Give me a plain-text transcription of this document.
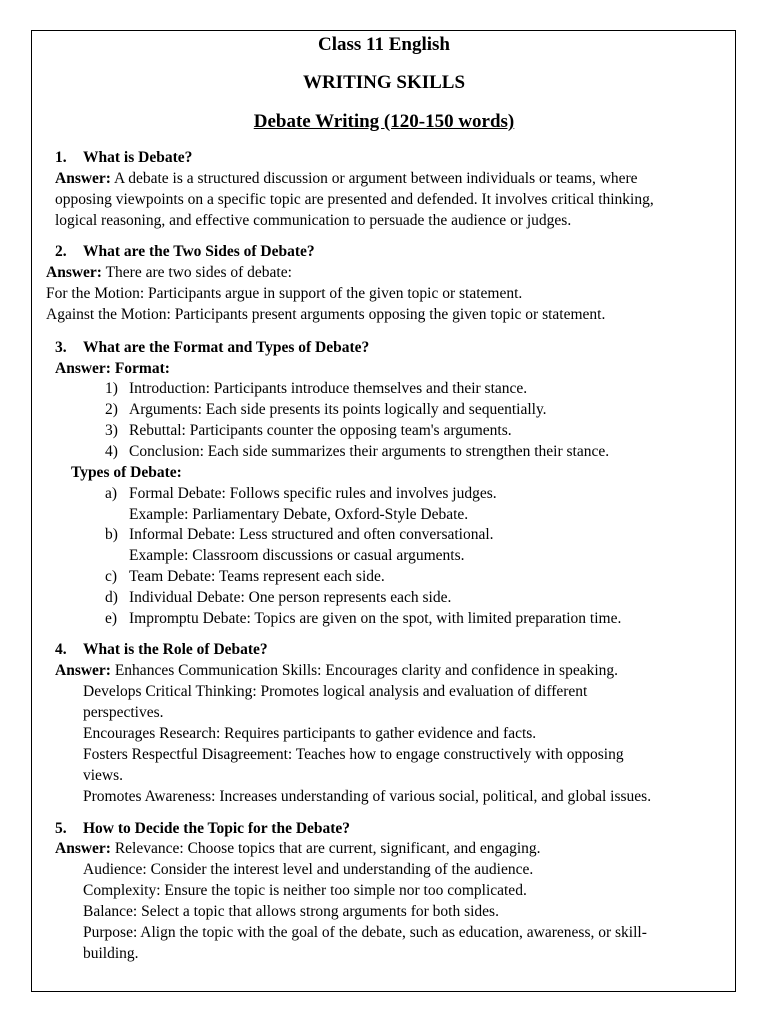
Class 11 English
WRITING SKILLS
Debate Writing (120-150 words)
1. What is Debate?
Answer: A debate is a structured discussion or argument between individuals or teams, where
opposing viewpoints on a specific topic are presented and defended. It involves critical thinking,
logical reasoning, and effective communication to persuade the audience or judges.
2. What are the Two Sides of Debate?
Answer: There are two sides of debate:
For the Motion: Participants argue in support of the given topic or statement.
Against the Motion: Participants present arguments opposing the given topic or statement.
3. What are the Format and Types of Debate?
Answer: Format:
1) Introduction: Participants introduce themselves and their stance.
2) Arguments: Each side presents its points logically and sequentially.
3) Rebuttal: Participants counter the opposing team's arguments.
4) Conclusion: Each side summarizes their arguments to strengthen their stance.
Types of Debate:
a) Formal Debate: Follows specific rules and involves judges.
Example: Parliamentary Debate, Oxford-Style Debate.
b) Informal Debate: Less structured and often conversational.
Example: Classroom discussions or casual arguments.
c) Team Debate: Teams represent each side.
d) Individual Debate: One person represents each side.
e) Impromptu Debate: Topics are given on the spot, with limited preparation time.
4. What is the Role of Debate?
Answer: Enhances Communication Skills: Encourages clarity and confidence in speaking.
Develops Critical Thinking: Promotes logical analysis and evaluation of different
perspectives.
Encourages Research: Requires participants to gather evidence and facts.
Fosters Respectful Disagreement: Teaches how to engage constructively with opposing
views.
Promotes Awareness: Increases understanding of various social, political, and global issues.
5. How to Decide the Topic for the Debate?
Answer: Relevance: Choose topics that are current, significant, and engaging.
Audience: Consider the interest level and understanding of the audience.
Complexity: Ensure the topic is neither too simple nor too complicated.
Balance: Select a topic that allows strong arguments for both sides.
Purpose: Align the topic with the goal of the debate, such as education, awareness, or skill-
building.
